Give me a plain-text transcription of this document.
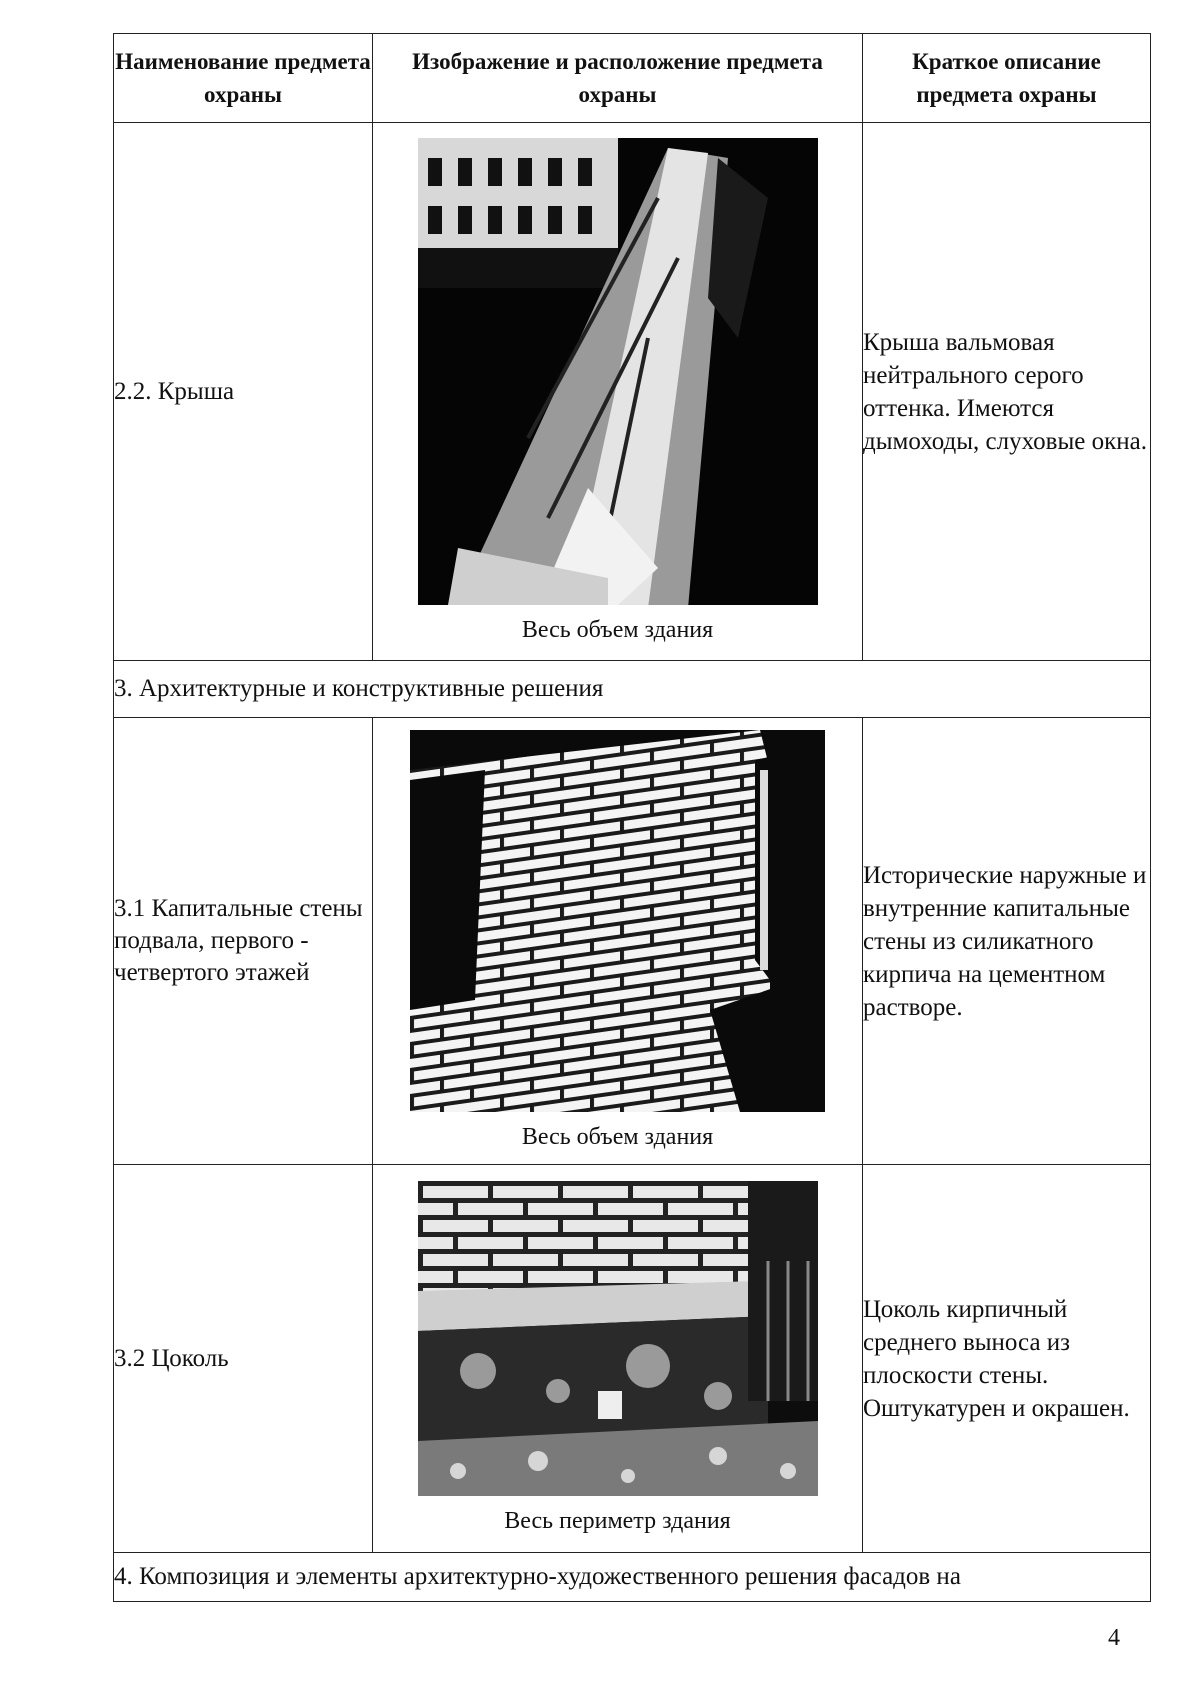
Наименование предмета охраны	Изображение и расположение предмета охраны	Краткое описание предмета охраны
2.2. Крыша	Весь объем здания	Крыша вальмовая нейтрального серого оттенка. Имеются дымоходы, слуховые окна.
3. Архитектурные и конструктивные решения		
3.1 Капитальные стены подвала, первого - четвертого этажей	Весь объем здания	Исторические наружные и внутренние капитальные стены из силикатного кирпича на цементном растворе.
3.2 Цоколь	Весь периметр здания	Цоколь кирпичный среднего выноса из плоскости стены. Оштукатурен и окрашен.
4. Композиция и элементы архитектурно-художественного решения фасадов на		
4
